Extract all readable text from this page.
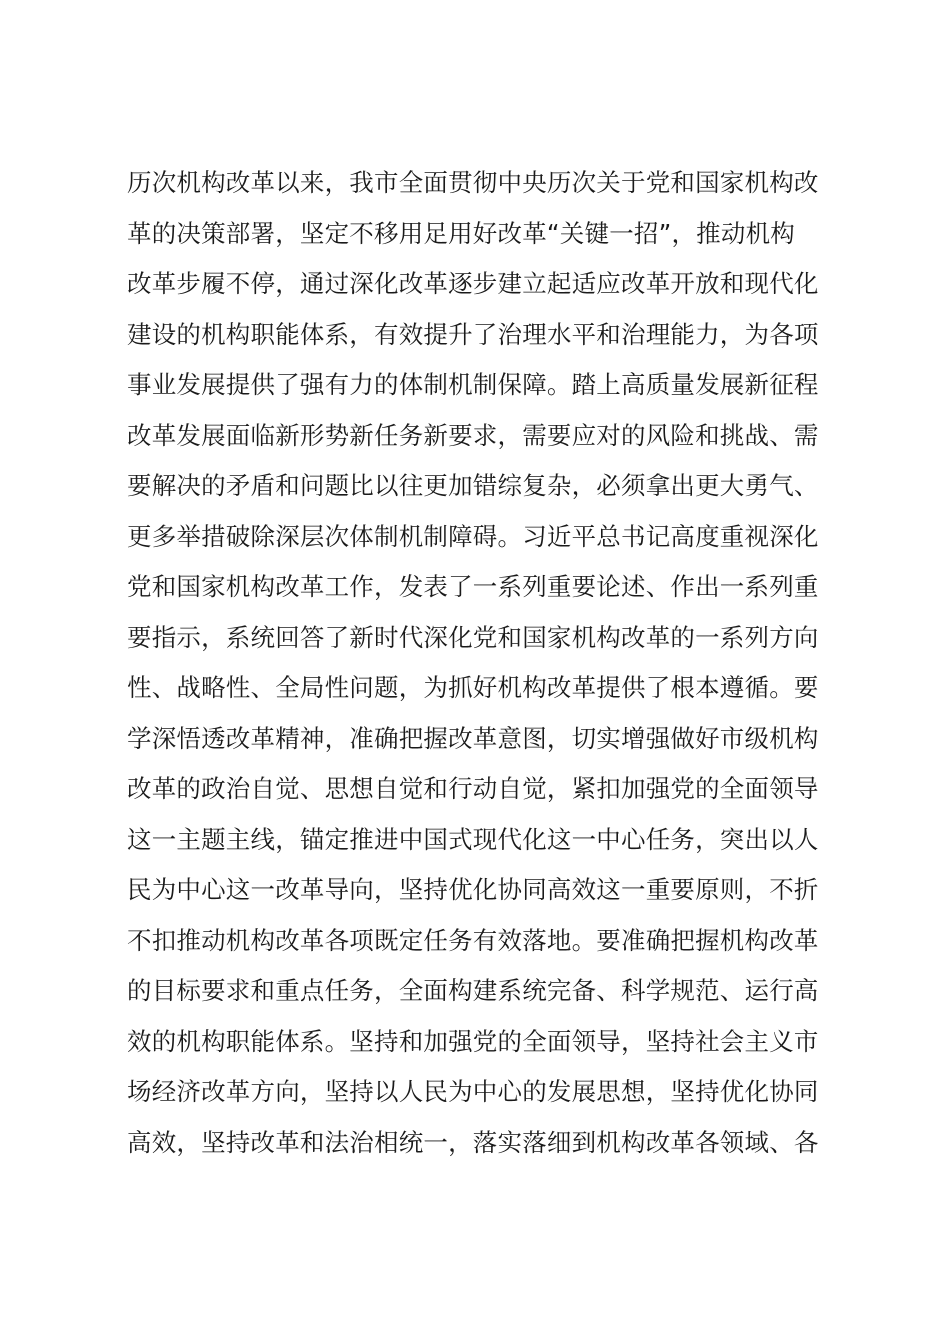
历次机构改革以来，我市全面贯彻中央历次关于党和国家机构改
革的决策部署，坚定不移用足用好改革“关键一招”，推动机构
改革步履不停，通过深化改革逐步建立起适应改革开放和现代化
建设的机构职能体系，有效提升了治理水平和治理能力，为各项
事业发展提供了强有力的体制机制保障。踏上高质量发展新征程
改革发展面临新形势新任务新要求，需要应对的风险和挑战、需
要解决的矛盾和问题比以往更加错综复杂，必须拿出更大勇气、
更多举措破除深层次体制机制障碍。习近平总书记高度重视深化
党和国家机构改革工作，发表了一系列重要论述、作出一系列重
要指示，系统回答了新时代深化党和国家机构改革的一系列方向
性、战略性、全局性问题，为抓好机构改革提供了根本遵循。要
学深悟透改革精神，准确把握改革意图，切实增强做好市级机构
改革的政治自觉、思想自觉和行动自觉，紧扣加强党的全面领导
这一主题主线，锚定推进中国式现代化这一中心任务，突出以人
民为中心这一改革导向，坚持优化协同高效这一重要原则，不折
不扣推动机构改革各项既定任务有效落地。要准确把握机构改革
的目标要求和重点任务，全面构建系统完备、科学规范、运行高
效的机构职能体系。坚持和加强党的全面领导，坚持社会主义市
场经济改革方向，坚持以人民为中心的发展思想，坚持优化协同
高效，坚持改革和法治相统一，落实落细到机构改革各领域、各
